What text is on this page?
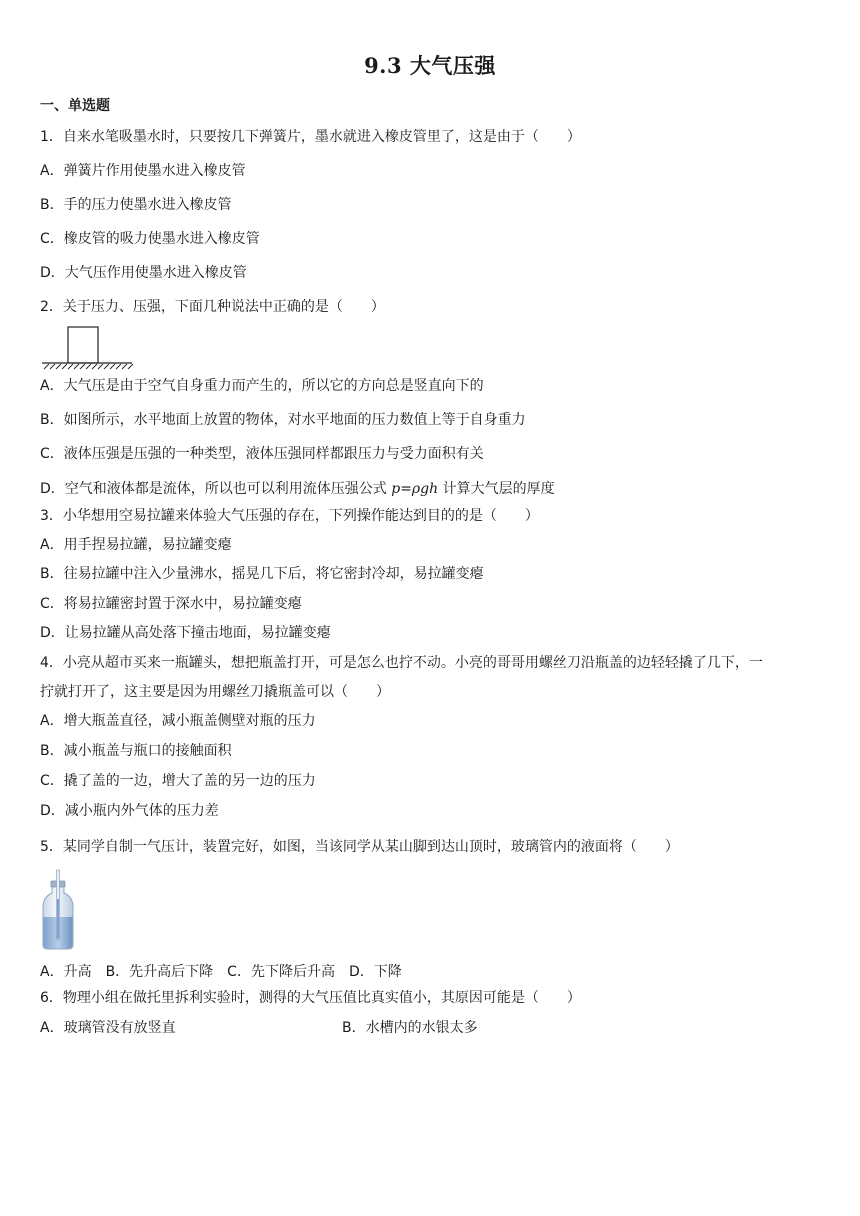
9.3 大气压强
一、单选题
1．自来水笔吸墨水时，只要按几下弹簧片，墨水就进入橡皮管里了，这是由于（　　）
A．弹簧片作用使墨水进入橡皮管
B．手的压力使墨水进入橡皮管
C．橡皮管的吸力使墨水进入橡皮管
D．大气压作用使墨水进入橡皮管
2．关于压力、压强，下面几种说法中正确的是（　　）
A．大气压是由于空气自身重力而产生的，所以它的方向总是竖直向下的
B．如图所示，水平地面上放置的物体，对水平地面的压力数值上等于自身重力
C．液体压强是压强的一种类型，液体压强同样都跟压力与受力面积有关
D．空气和液体都是流体，所以也可以利用流体压强公式 p=ρgh 计算大气层的厚度
3．小华想用空易拉罐来体验大气压强的存在，下列操作能达到目的的是（　　）
A．用手捏易拉罐，易拉罐变瘪
B．往易拉罐中注入少量沸水，摇晃几下后，将它密封冷却，易拉罐变瘪
C．将易拉罐密封置于深水中，易拉罐变瘪
D．让易拉罐从高处落下撞击地面，易拉罐变瘪
4．小亮从超市买来一瓶罐头，想把瓶盖打开，可是怎么也拧不动。小亮的哥哥用螺丝刀沿瓶盖的边轻轻撬了几下，一
拧就打开了，这主要是因为用螺丝刀撬瓶盖可以（　　）
A．增大瓶盖直径，减小瓶盖侧壁对瓶的压力
B．减小瓶盖与瓶口的接触面积
C．撬了盖的一边，增大了盖的另一边的压力
D．减小瓶内外气体的压力差
5．某同学自制一气压计，装置完好，如图，当该同学从某山脚到达山顶时，玻璃管内的液面将（　　）
A．升高　B．先升高后下降　C．先下降后升高　D．下降
6．物理小组在做托里拆利实验时，测得的大气压值比真实值小，其原因可能是（　　）
A．玻璃管没有放竖直	B．水槽内的水银太多
